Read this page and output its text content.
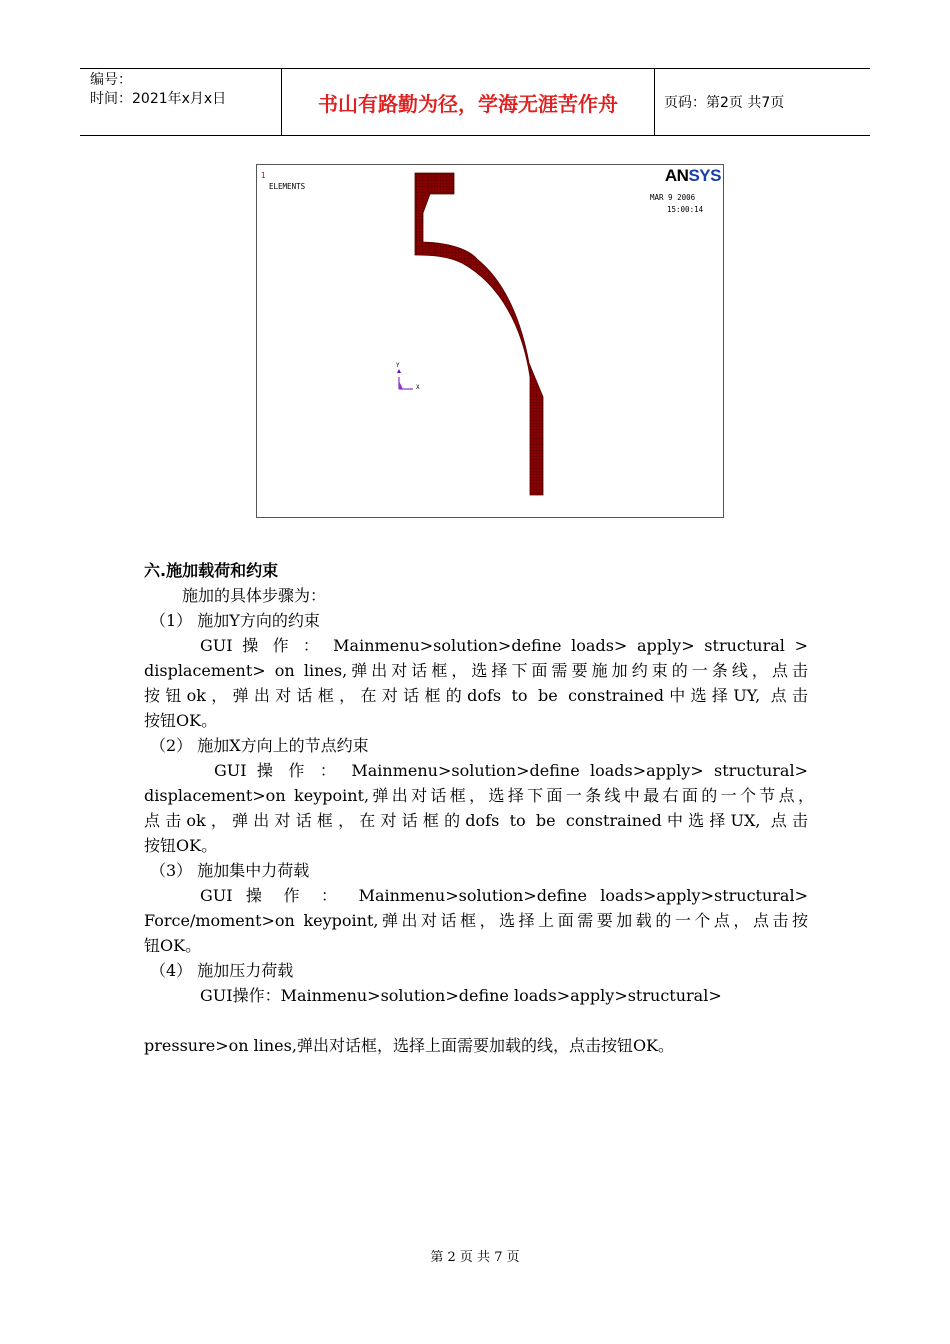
编号：
时间：2021年x月x日	书山有路勤为径，学海无涯苦作舟	页码：第2页 共7页
1
ELEMENTS
ANSYS
MAR 9 2006
15:00:14
Y
X
六.施加载荷和约束
施加的具体步骤为：
（1） 施加Y方向的约束
GUI 操 作 ： Mainmenu>solution>define loads> apply> structural >
displacement> on lines,弹出对话框，选择下面需要施加约束的一条线，点击
按钮ok，弹出对话框，在对话框的dofs to be constrained中选择UY, 点击
按钮OK。
（2） 施加X方向上的节点约束
GUI 操 作 ： Mainmenu>solution>define loads>apply> structural>
displacement>on keypoint,弹出对话框，选择下面一条线中最右面的一个节点，
点击ok，弹出对话框，在对话框的dofs to be constrained中选择UX, 点击
按钮OK。
（3） 施加集中力荷载
GUI 操 作 ： Mainmenu>solution>define loads>apply>structural>
Force/moment>on keypoint,弹出对话框，选择上面需要加载的一个点，点击按
钮OK。
（4） 施加压力荷载
GUI操作：Mainmenu>solution>define loads>apply>structural>
pressure>on lines,弹出对话框，选择上面需要加载的线，点击按钮OK。
第 2 页 共 7 页
